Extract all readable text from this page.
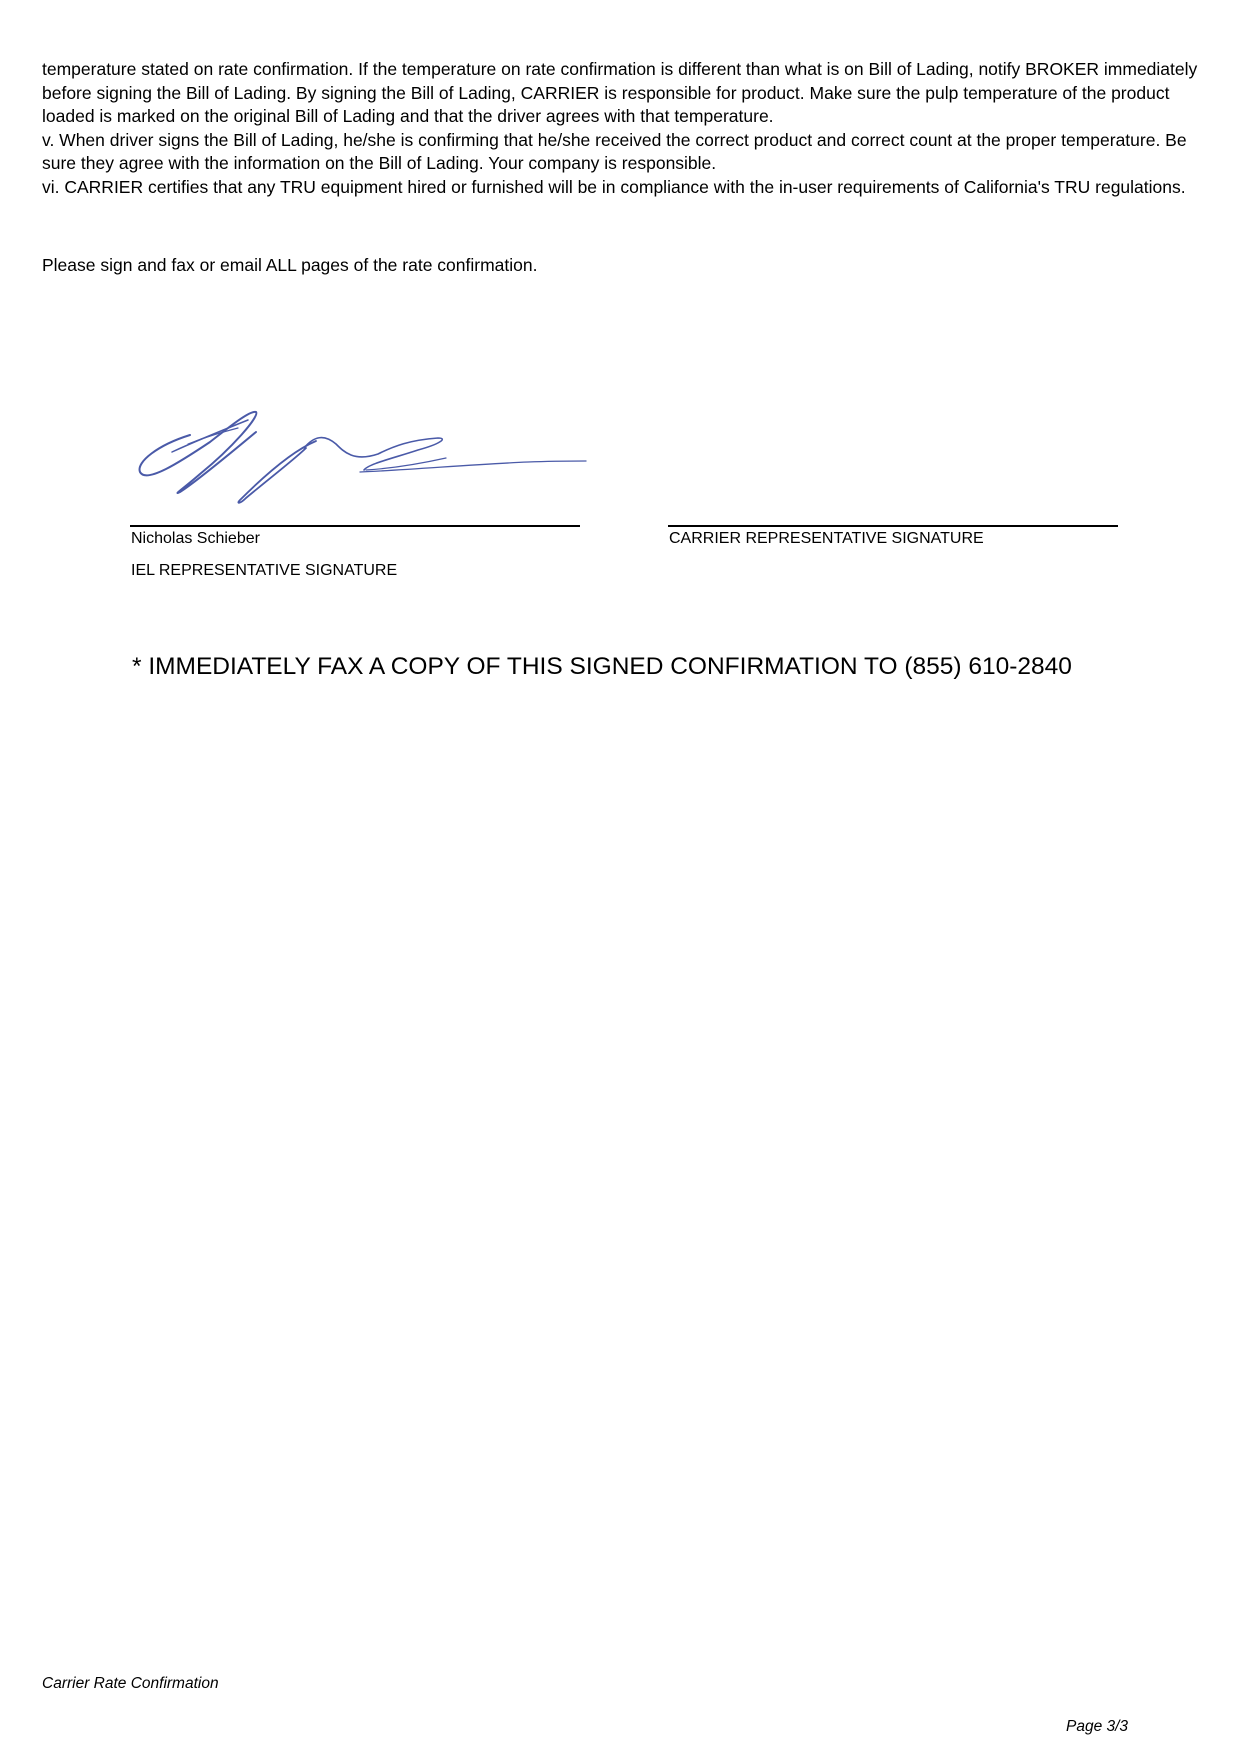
temperature stated on rate confirmation. If the temperature on rate confirmation is different than what is on Bill of Lading, notify BROKER immediately before signing the Bill of Lading. By signing the Bill of Lading, CARRIER is responsible for product. Make sure the pulp temperature of the product loaded is marked on the original Bill of Lading and that the driver agrees with that temperature.

v. When driver signs the Bill of Lading, he/she is confirming that he/she received the correct product and correct count at the proper temperature. Be sure they agree with the information on the Bill of Lading. Your company is responsible.

vi. CARRIER certifies that any TRU equipment hired or furnished will be in compliance with the in-user requirements of California's TRU regulations.

Please sign and fax or email ALL pages of the rate confirmation.
Nicholas Schieber	CARRIER REPRESENTATIVE SIGNATURE
IEL REPRESENTATIVE SIGNATURE
* IMMEDIATELY FAX A COPY OF THIS SIGNED CONFIRMATION TO (855) 610-2840
Carrier Rate Confirmation
Page 3/3
